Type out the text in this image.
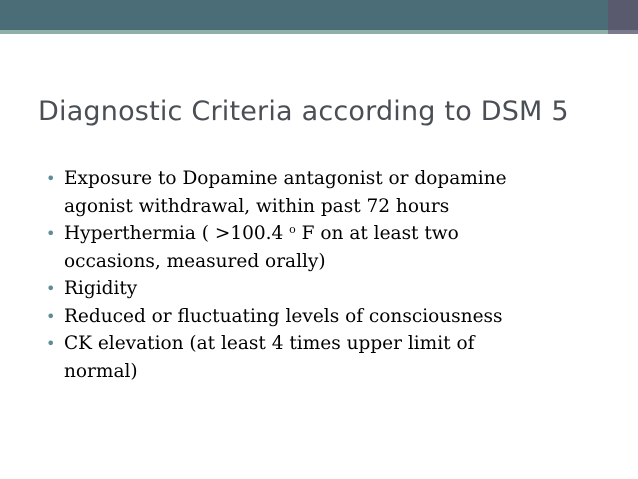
Diagnostic Criteria according to DSM 5
• Exposure to Dopamine antagonist or dopamine
agonist withdrawal, within past 72 hours
• Hyperthermia ( >100.4 $^o$ F on at least two
occasions, measured orally)
• Rigidity
• Reduced or fluctuating levels of consciousness
• CK elevation (at least 4 times upper limit of
normal)
